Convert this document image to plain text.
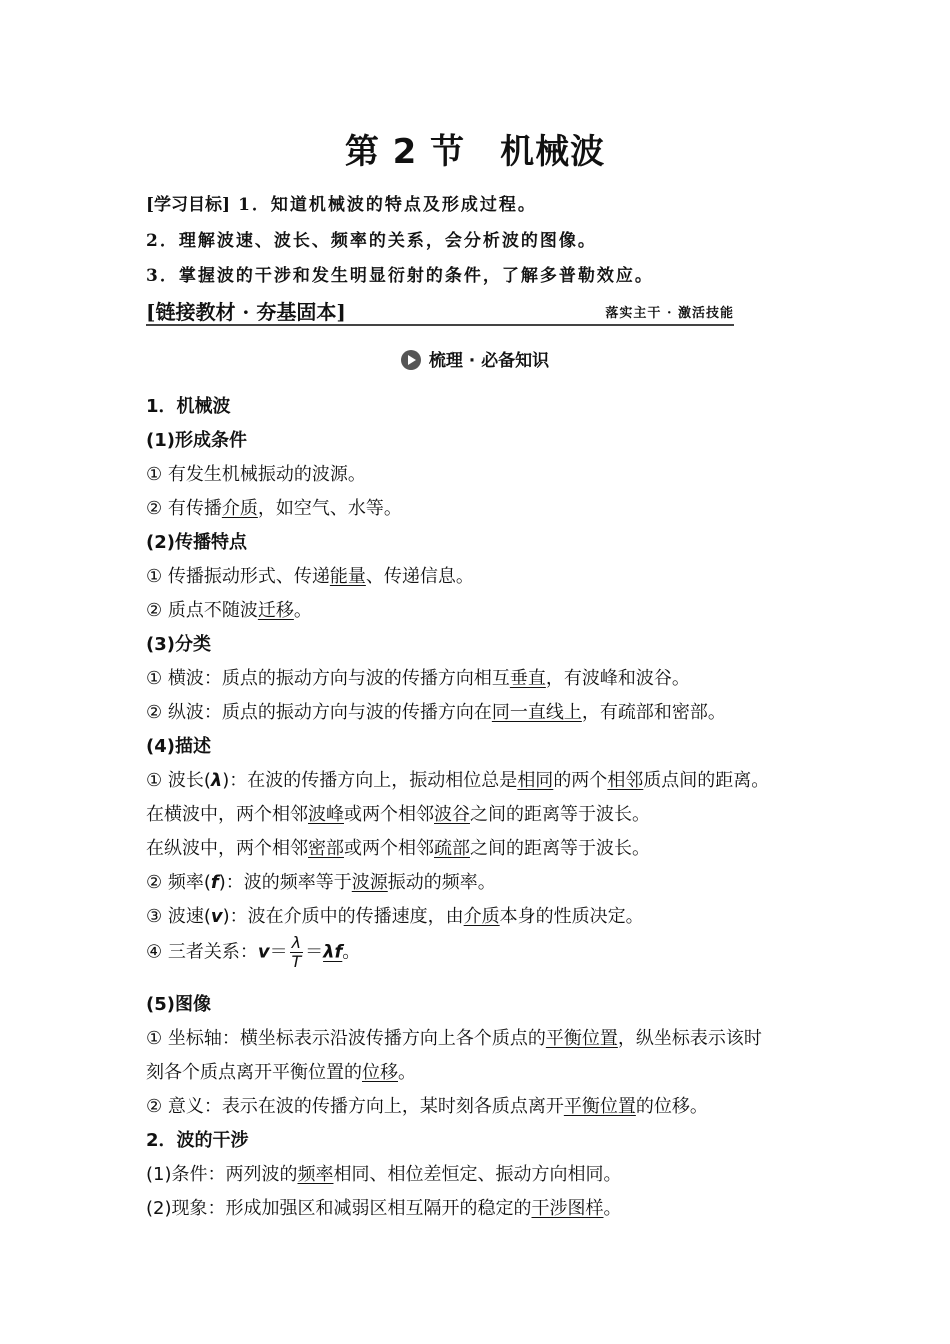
第 2 节　机械波
[学习目标] 1．知道机械波的特点及形成过程。
2．理解波速、波长、频率的关系，会分析波的图像。
3．掌握波的干涉和发生明显衍射的条件，了解多普勒效应。
[链接教材 · 夯基固本]	落实主干 · 激活技能
梳理 · 必备知识
1．机械波
(1)形成条件
① 有发生机械振动的波源。
② 有传播介质，如空气、水等。
(2)传播特点
① 传播振动形式、传递能量、传递信息。
② 质点不随波迁移。
(3)分类
① 横波：质点的振动方向与波的传播方向相互垂直，有波峰和波谷。
② 纵波：质点的振动方向与波的传播方向在同一直线上，有疏部和密部。
(4)描述
① 波长(λ)：在波的传播方向上，振动相位总是相同的两个相邻质点间的距离。
在横波中，两个相邻波峰或两个相邻波谷之间的距离等于波长。
在纵波中，两个相邻密部或两个相邻疏部之间的距离等于波长。
② 频率(f)：波的频率等于波源振动的频率。
③ 波速(v)：波在介质中的传播速度，由介质本身的性质决定。
④ 三者关系：$v= \frac{\lambda}{T} =\lambda f$。
(5)图像
① 坐标轴：横坐标表示沿波传播方向上各个质点的平衡位置，纵坐标表示该时
刻各个质点离开平衡位置的位移。
② 意义：表示在波的传播方向上，某时刻各质点离开平衡位置的位移。
2．波的干涉
(1)条件：两列波的频率相同、相位差恒定、振动方向相同。
(2)现象：形成加强区和减弱区相互隔开的稳定的干涉图样。
